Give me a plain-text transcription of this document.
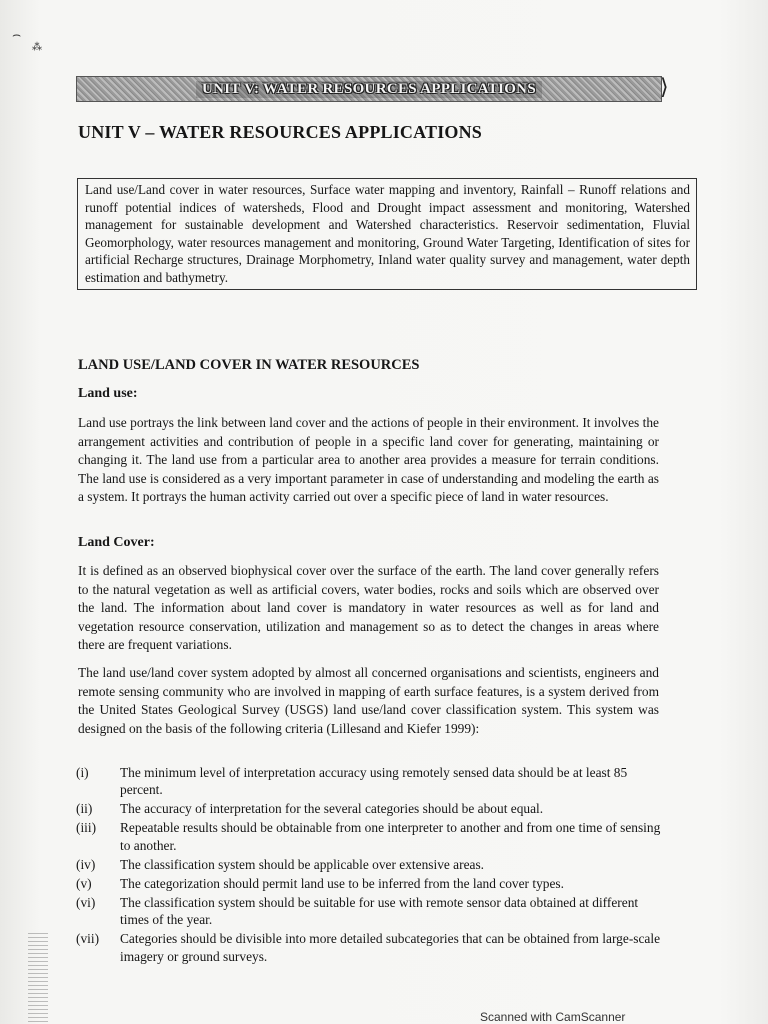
⌢
⁂
UNIT V: WATER RESOURCES APPLICATIONS	⟩
UNIT V – WATER RESOURCES APPLICATIONS
Land use/Land cover in water resources, Surface water mapping and inventory, Rainfall – Runoff relations and runoff potential indices of watersheds, Flood and Drought impact assessment and monitoring, Watershed management for sustainable development and Watershed characteristics. Reservoir sedimentation, Fluvial Geomorphology, water resources management and monitoring, Ground Water Targeting, Identification of sites for artificial Recharge structures, Drainage Morphometry, Inland water quality survey and management, water depth estimation and bathymetry.
LAND USE/LAND COVER IN WATER RESOURCES
Land use:

Land use portrays the link between land cover and the actions of people in their environment. It involves the arrangement activities and contribution of people in a specific land cover for generating, maintaining or changing it. The land use from a particular area to another area provides a measure for terrain conditions. The land use is considered as a very important parameter in case of understanding and modeling the earth as a system. It portrays the human activity carried out over a specific piece of land in water resources.

Land Cover:

It is defined as an observed biophysical cover over the surface of the earth. The land cover generally refers to the natural vegetation as well as artificial covers, water bodies, rocks and soils which are observed over the land. The information about land cover is mandatory in water resources as well as for land and vegetation resource conservation, utilization and management so as to detect the changes in areas where there are frequent variations.

The land use/land cover system adopted by almost all concerned organisations and scientists, engineers and remote sensing community who are involved in mapping of earth surface features, is a system derived from the United States Geological Survey (USGS) land use/land cover classification system. This system was designed on the basis of the following criteria (Lillesand and Kiefer 1999):

(i)	The minimum level of interpretation accuracy using remotely sensed data should be at least 85 percent.
(ii)	The accuracy of interpretation for the several categories should be about equal.
(iii)	Repeatable results should be obtainable from one interpreter to another and from one time of sensing to another.
(iv)	The classification system should be applicable over extensive areas.
(v)	The categorization should permit land use to be inferred from the land cover types.
(vi)	The classification system should be suitable for use with remote sensor data obtained at different times of the year.
(vii)	Categories should be divisible into more detailed subcategories that can be obtained from large-scale imagery or ground surveys.
Scanned with CamScanner
